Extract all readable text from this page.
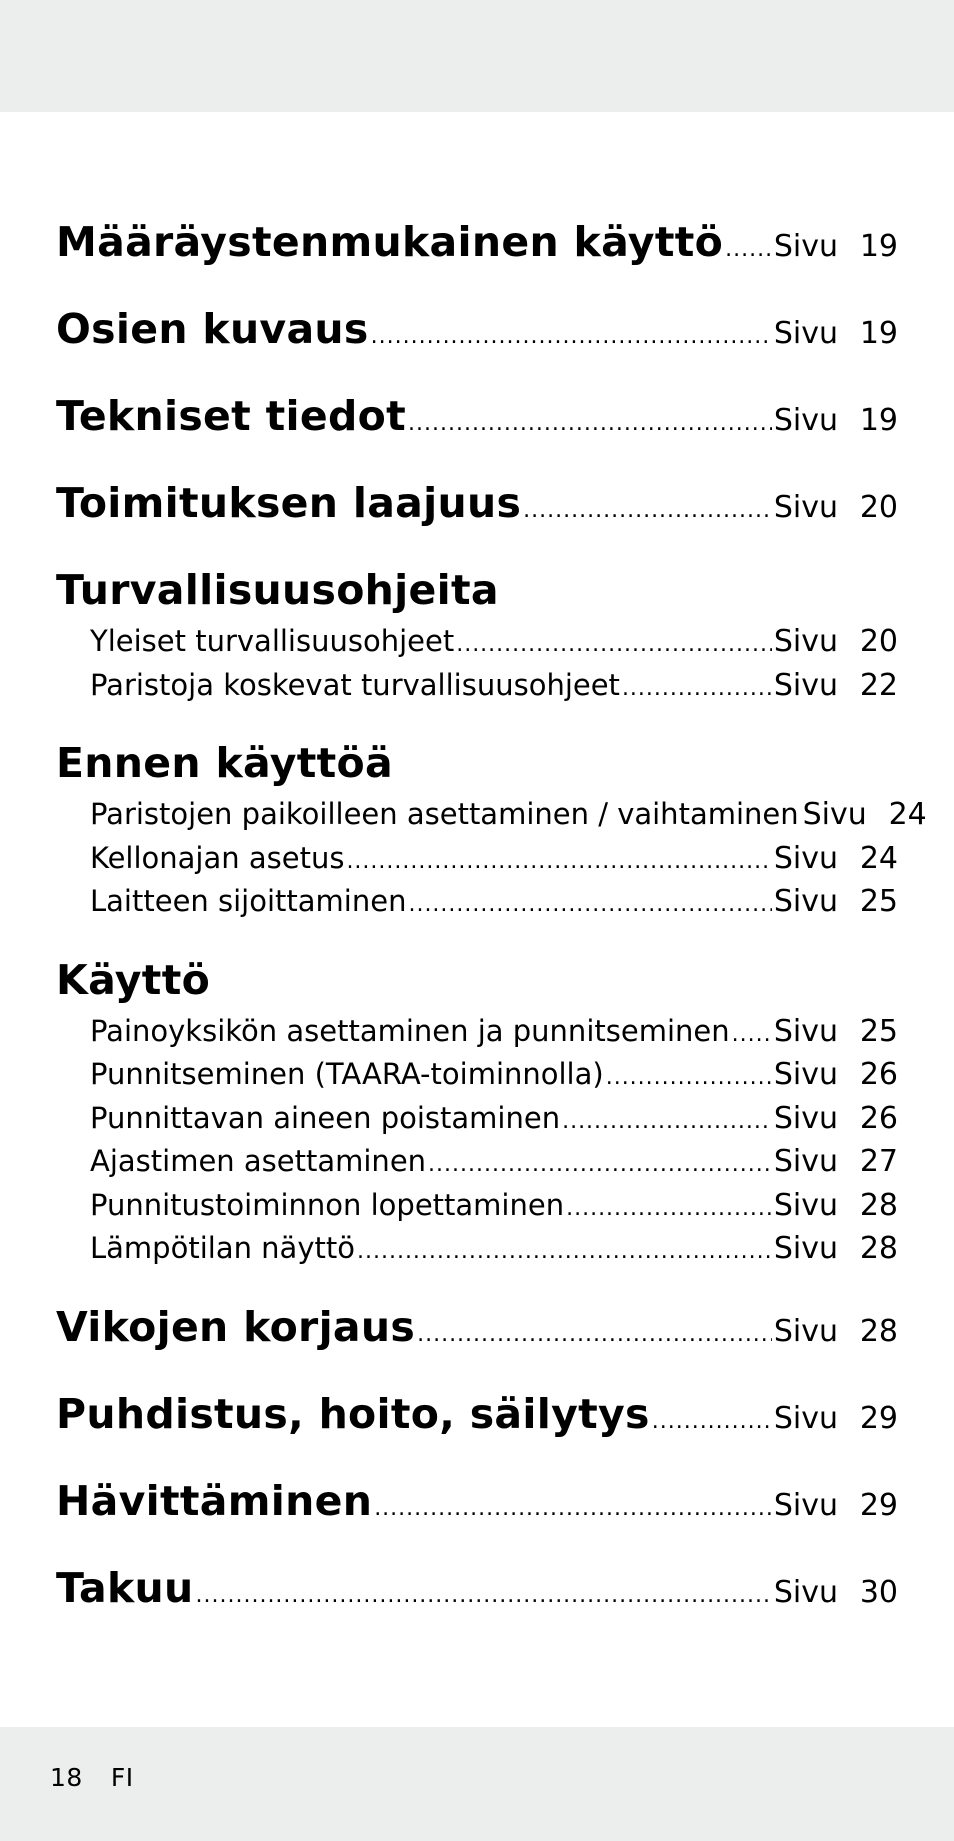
Määräystenmukainen käyttö ..... Sivu 19
Osien kuvaus .....	Sivu 19
Tekniset tiedot .....	Sivu 19
Toimituksen laajuus .....	Sivu 20
Turvallisuusohjeita
Yleiset turvallisuusohjeet .....	Sivu 20
Paristoja koskevat turvallisuusohjeet .....	Sivu 22
Ennen käyttöä
Paristojen paikoilleen asettaminen / vaihtaminen Sivu 24
Kellonajan asetus .....	Sivu 24
Laitteen sijoittaminen .....	Sivu 25
Käyttö
Painoyksikön asettaminen ja punnitseminen ..... Sivu 25
Punnitseminen (TAARA-toiminnolla) .....	Sivu 26
Punnittavan aineen poistaminen .....	Sivu 26
Ajastimen asettaminen .....	Sivu 27
Punnitustoiminnon lopettaminen .....	Sivu 28
Lämpötilan näyttö .....	Sivu 28
Vikojen korjaus .....	Sivu 28
Puhdistus, hoito, säilytys .....	Sivu 29
Hävittäminen .....	Sivu 29
Takuu .....	Sivu 30
18 FI
